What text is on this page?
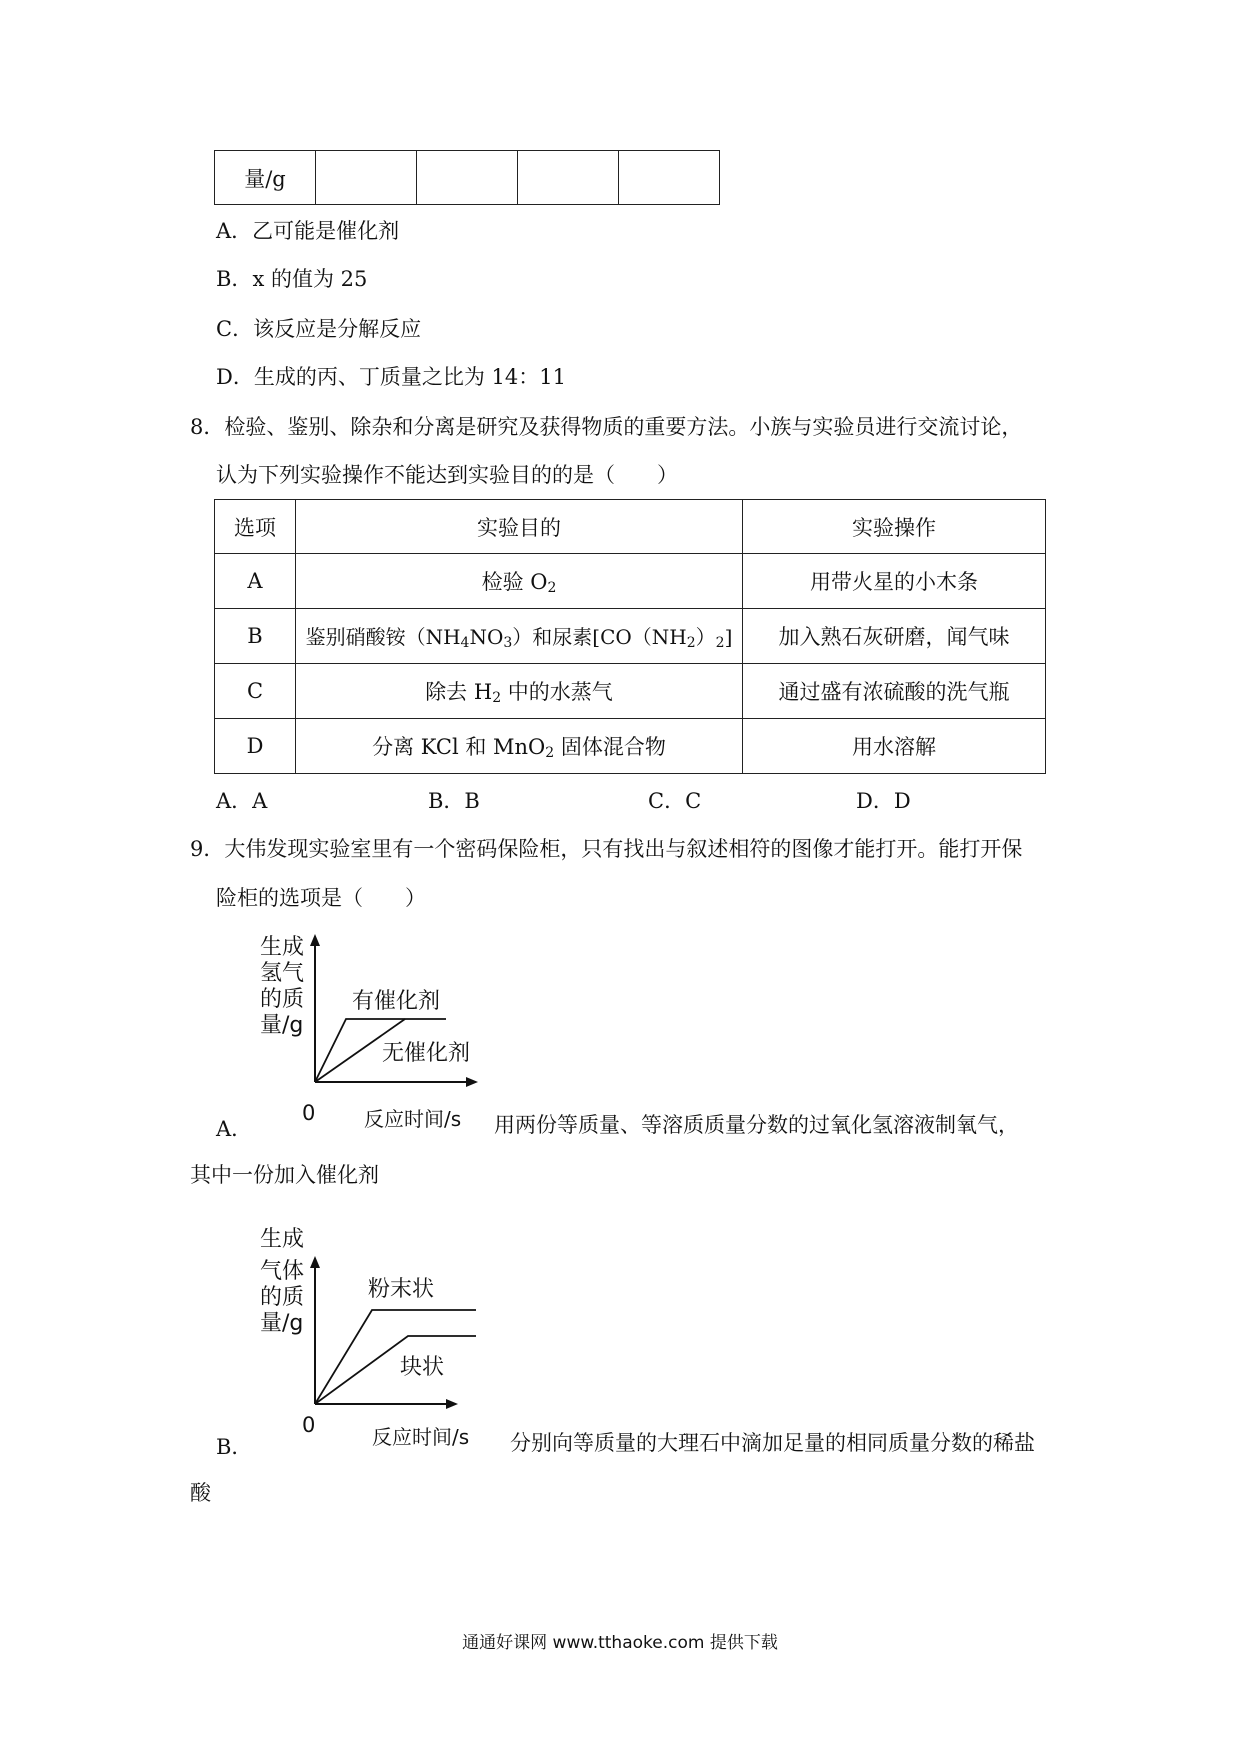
量/g				
A．乙可能是催化剂
B．x 的值为 25
C．该反应是分解反应
D．生成的丙、丁质量之比为 14：11
8．检验、鉴别、除杂和分离是研究及获得物质的重要方法。小族与实验员进行交流讨论，
认为下列实验操作不能达到实验目的的是（　　）
选项	实验目的	实验操作
A	检验 $O_2$	用带火星的小木条
B	鉴别硝酸铵$(NH_4NO_3)$和尿素$[CO(NH_2)_2]$	加入熟石灰研磨，闻气味
C	除去 $H_2$ 中的水蒸气	通过盛有浓硫酸的洗气瓶
D	分离 KCl 和 MnO$_2$ 固体混合物	用水溶解
A．A	B．B	C．C	D．D
9．大伟发现实验室里有一个密码保险柜，只有找出与叙述相符的图像才能打开。能打开保
险柜的选项是（　　）
生成
氢气
的质
量/g
有催化剂
无催化剂
0 反应时间/s
A．	用两份等质量、等溶质质量分数的过氧化氢溶液制氧气，
其中一份加入催化剂
生成
气体
的质
量/g
粉末状
块状
0	反应时间/s
B．	分别向等质量的大理石中滴加足量的相同质量分数的稀盐
酸
通通好课网 www.tthaoke.com 提供下载
